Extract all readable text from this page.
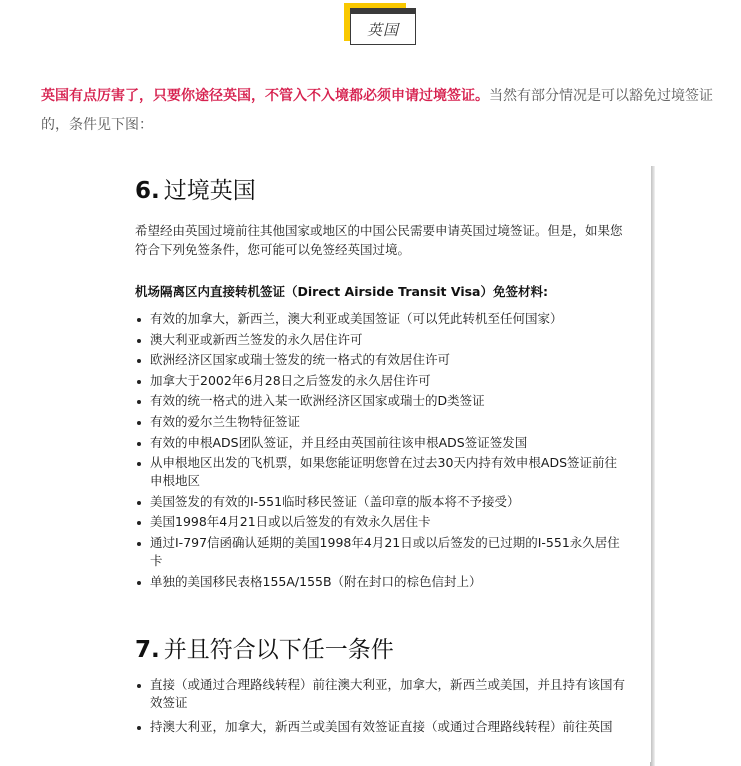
英国

英国有点厉害了，只要你途径英国，不管入不入境都必须申请过境签证。当然有部分情况是可以豁免过境签证的，条件见下图：

6. 过境英国

希望经由英国过境前往其他国家或地区的中国公民需要申请英国过境签证。但是，如果您符合下列免签条件，您可能可以免签经英国过境。

机场隔离区内直接转机签证（Direct Airside Transit Visa）免签材料:

有效的加拿大，新西兰，澳大利亚或美国签证（可以凭此转机至任何国家）
澳大利亚或新西兰签发的永久居住许可
欧洲经济区国家或瑞士签发的统一格式的有效居住许可
加拿大于2002年6月28日之后签发的永久居住许可
有效的统一格式的进入某一欧洲经济区国家或瑞士的D类签证
有效的爱尔兰生物特征签证
有效的申根ADS团队签证，并且经由英国前往该申根ADS签证签发国
从申根地区出发的飞机票，如果您能证明您曾在过去30天内持有效申根ADS签证前往申根地区
美国签发的有效的I-551临时移民签证（盖印章的版本将不予接受）
美国1998年4月21日或以后签发的有效永久居住卡
通过I-797信函确认延期的美国1998年4月21日或以后签发的已过期的I-551永久居住卡
单独的美国移民表格155A/155B（附在封口的棕色信封上）
7. 并且符合以下任一条件
直接（或通过合理路线转程）前往澳大利亚，加拿大，新西兰或美国，并且持有该国有效签证
持澳大利亚，加拿大，新西兰或美国有效签证直接（或通过合理路线转程）前往英国
